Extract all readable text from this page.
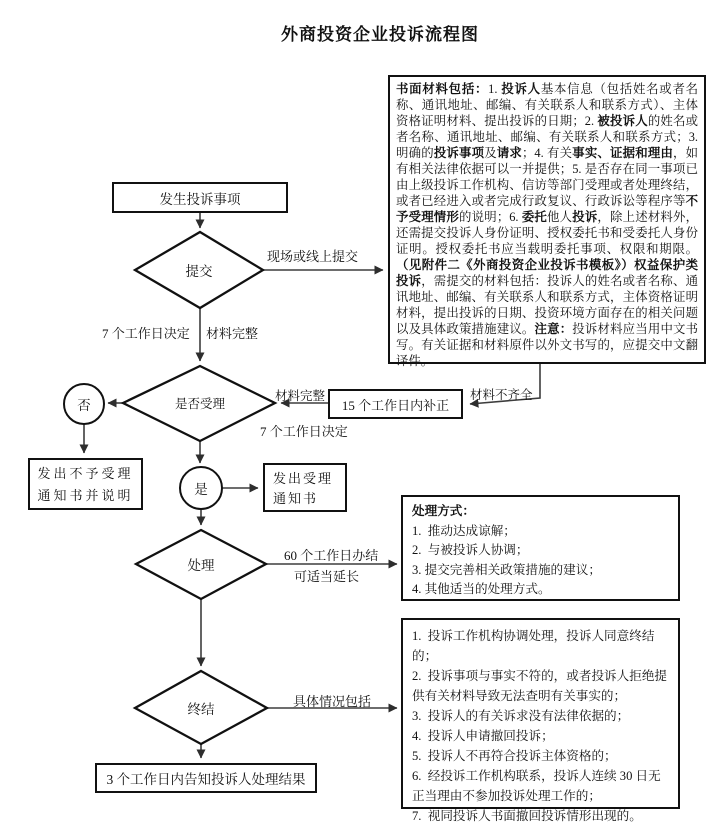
外商投资企业投诉流程图
发生投诉事项
书面材料包括：1. 投诉人基本信息（包括姓名或者名称、通讯地址、邮编、有关联系人和联系方式）、主体资格证明材料、提出投诉的日期；2. 被投诉人的姓名或者名称、通讯地址、邮编、有关联系人和联系方式；3. 明确的投诉事项及请求；4. 有关事实、证据和理由，如有相关法律依据可以一并提供；5. 是否存在同一事项已由上级投诉工作机构、信访等部门受理或者处理终结，或者已经进入或者完成行政复议、行政诉讼等程序等不予受理情形的说明；6. 委托他人投诉，除上述材料外，还需提交投诉人身份证明、授权委托书和受委托人身份证明。授权委托书应当载明委托事项、权限和期限。（见附件二《外商投资企业投诉书模板》）权益保护类投诉，需提交的材料包括：投诉人的姓名或者名称、通讯地址、邮编、有关联系人和联系方式，主体资格证明材料，提出投诉的日期、投资环境方面存在的相关问题以及具体政策措施建议。注意：投诉材料应当用中文书写。有关证据和材料原件以外文书写的，应提交中文翻译件。
15 个工作日内补正
发出不予受理
通知书并说明
发出受理
通知书
处理方式：
1.  推动达成谅解；
2.  与被投诉人协调；
3. 提交完善相关政策措施的建议；
4. 其他适当的处理方式。
1.  投诉工作机构协调处理，投诉人同意终结的；
2.  投诉事项与事实不符的，或者投诉人拒绝提供有关材料导致无法查明有关事实的；
3.  投诉人的有关诉求没有法律依据的；
4.  投诉人申请撤回投诉；
5.  投诉人不再符合投诉主体资格的；
6.  经投诉工作机构联系，投诉人连续 30 日无正当理由不参加投诉处理工作的；
7.  视同投诉人书面撤回投诉情形出现的。
3 个工作日内告知投诉人处理结果
提交
是否受理
否
是
处理
终结
现场或线上提交
7 个工作日决定 材料完整
材料完整
7 个工作日决定
材料不齐全
60 个工作日办结
可适当延长
具体情况包括
